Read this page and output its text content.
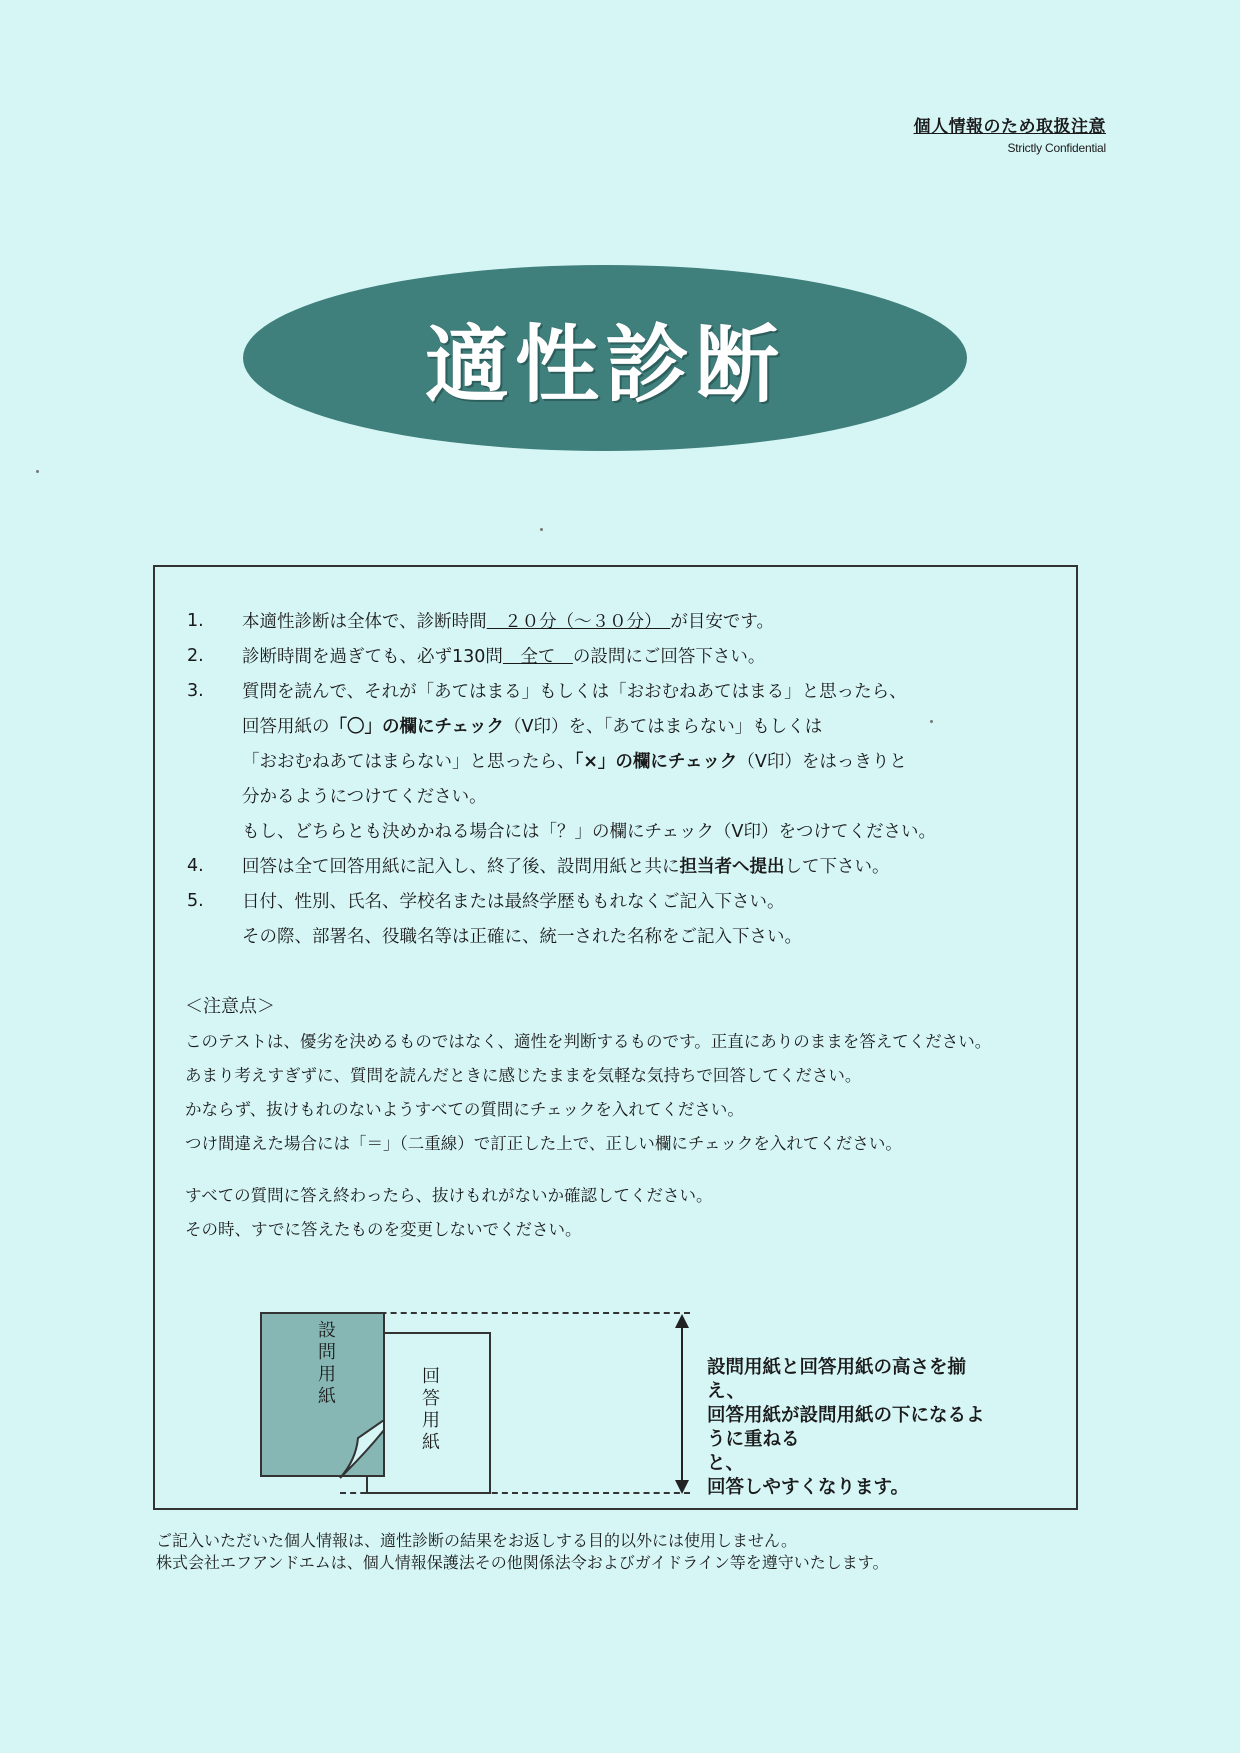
個人情報のため取扱注意
Strictly Confidential
適性診断
1.	本適性診断は全体で、診断時間　２０分（～３０分）　が目安です。
2.	診断時間を過ぎても、必ず130問　全て　の設問にご回答下さい。
3.	質問を読んで、それが「あてはまる」もしくは「おおむねあてはまる」と思ったら、
回答用紙の「〇」の欄にチェック（V印）を、「あてはまらない」もしくは
「おおむねあてはまらない」と思ったら、「×」の欄にチェック（V印）をはっきりと
分かるようにつけてください。
もし、どちらとも決めかねる場合には「？」の欄にチェック（V印）をつけてください。
4.	回答は全て回答用紙に記入し、終了後、設問用紙と共に担当者へ提出して下さい。
5.	日付、性別、氏名、学校名または最終学歴ももれなくご記入下さい。
その際、部署名、役職名等は正確に、統一された名称をご記入下さい。
＜注意点＞
このテストは、優劣を決めるものではなく、適性を判断するものです。正直にありのままを答えてください。
あまり考えすぎずに、質問を読んだときに感じたままを気軽な気持ちで回答してください。
かならず、抜けもれのないようすべての質問にチェックを入れてください。
つけ間違えた場合には「＝」（二重線）で訂正した上で、正しい欄にチェックを入れてください。
すべての質問に答え終わったら、抜けもれがないか確認してください。
その時、すでに答えたものを変更しないでください。
回答用紙
設問用紙	設問用紙と回答用紙の高さを揃え、
回答用紙が設問用紙の下になるように重ねる
と、
回答しやすくなります。
ご記入いただいた個人情報は、適性診断の結果をお返しする目的以外には使用しません。
株式会社エフアンドエムは、個人情報保護法その他関係法令およびガイドライン等を遵守いたします。
